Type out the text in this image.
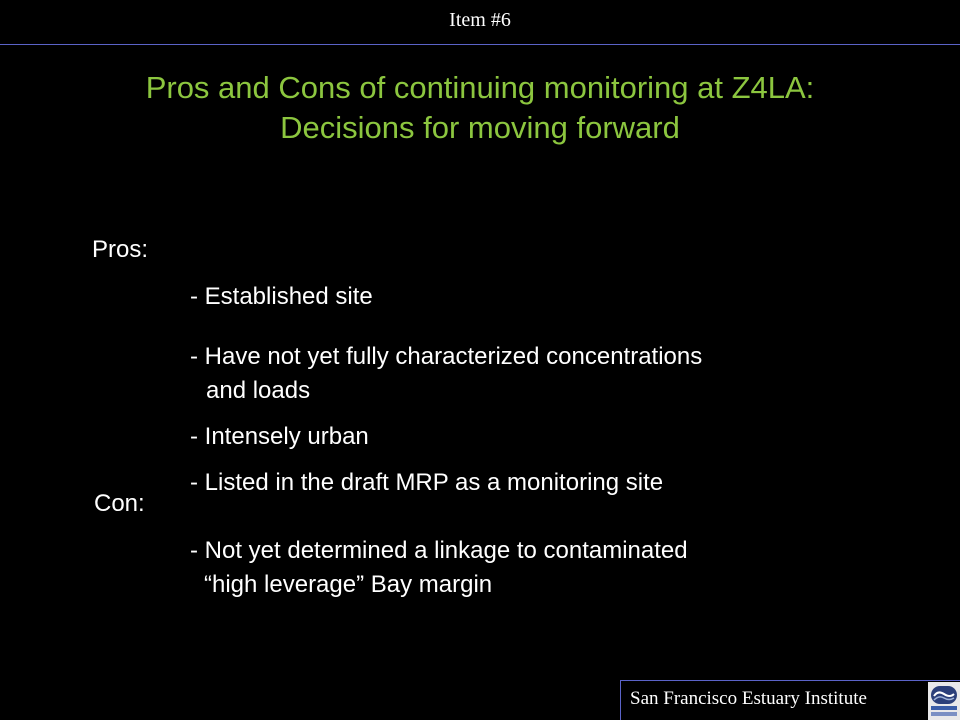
Item #6
Pros and Cons of continuing monitoring at Z4LA:
Decisions for moving forward
Pros:
- Established site
- Have not yet fully characterized concentrations
and loads
- Intensely urban
- Listed in the draft MRP as a monitoring site
Con:
- Not yet determined a linkage to contaminated
“high leverage” Bay margin
San Francisco Estuary Institute
